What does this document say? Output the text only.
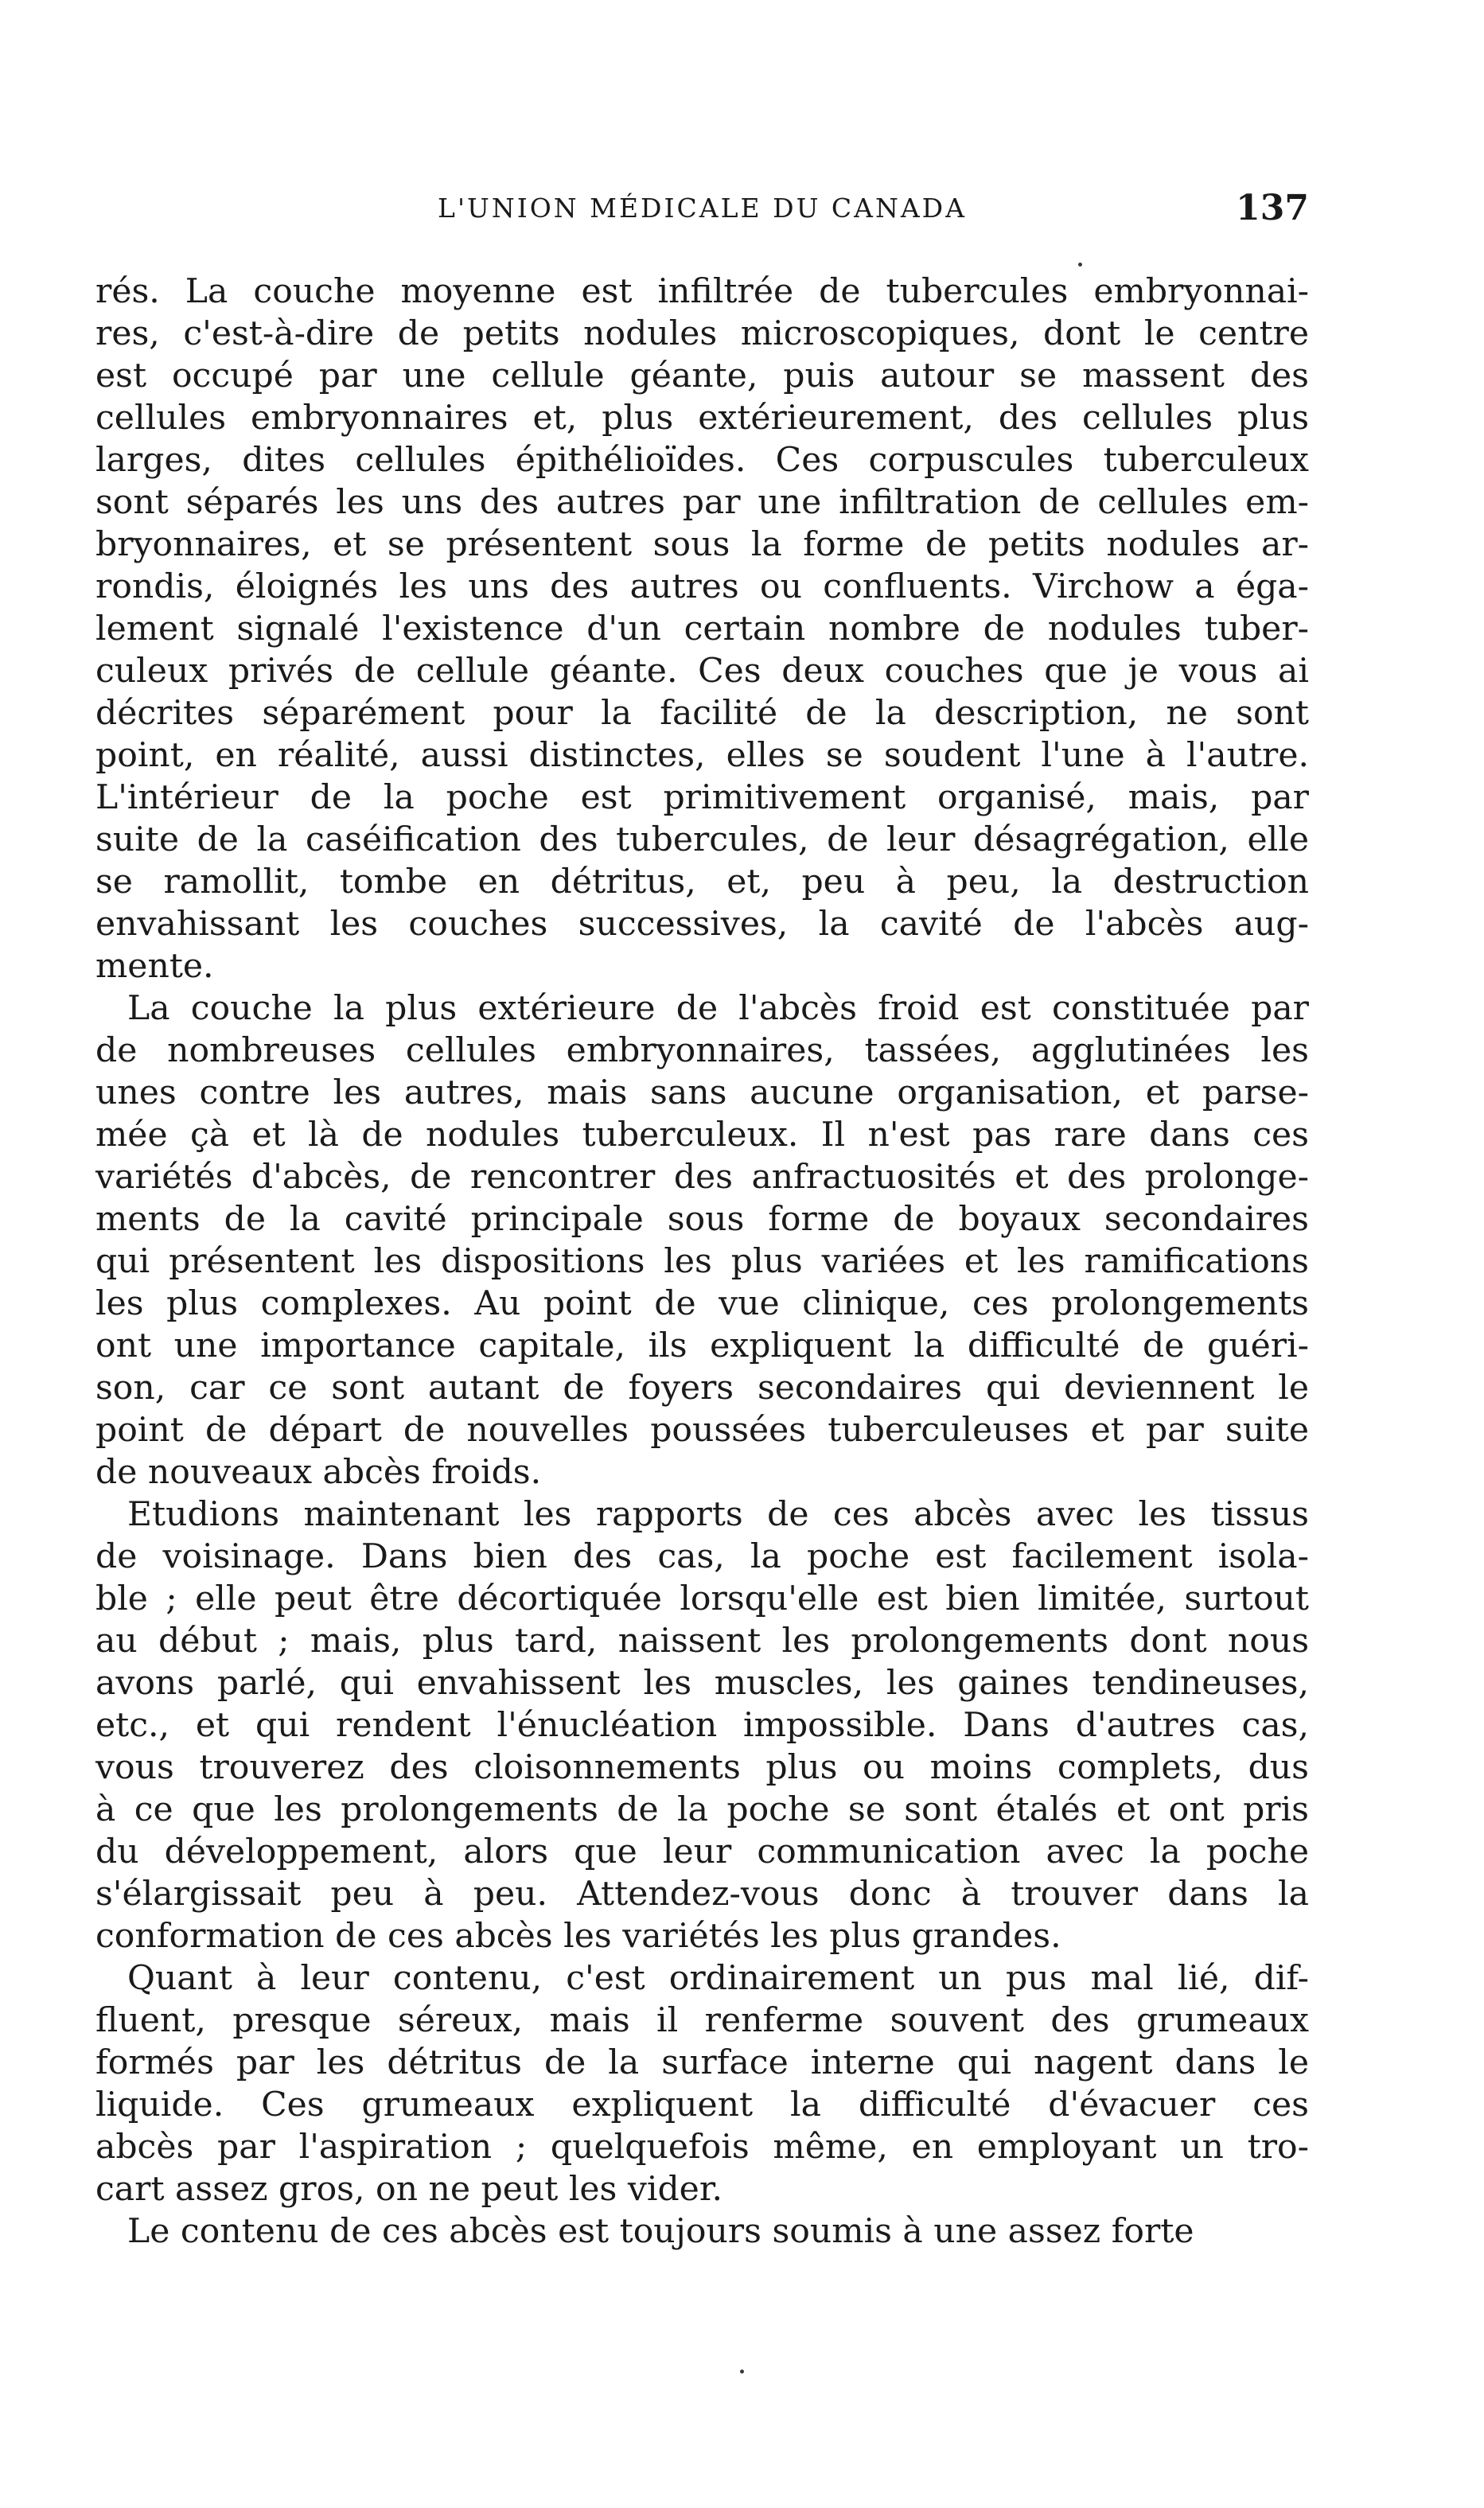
L'UNION MÉDICALE DU CANADA	137
rés. La couche moyenne est infiltrée de tubercules embryonnai-
res, c'est-à-dire de petits nodules microscopiques, dont le centre
est occupé par une cellule géante, puis autour se massent des
cellules embryonnaires et, plus extérieurement, des cellules plus
larges, dites cellules épithélioïdes. Ces corpuscules tuberculeux
sont séparés les uns des autres par une infiltration de cellules em-
bryonnaires, et se présentent sous la forme de petits nodules ar-
rondis, éloignés les uns des autres ou confluents. Virchow a éga-
lement signalé l'existence d'un certain nombre de nodules tuber-
culeux privés de cellule géante. Ces deux couches que je vous ai
décrites séparément pour la facilité de la description, ne sont
point, en réalité, aussi distinctes, elles se soudent l'une à l'autre.
L'intérieur de la poche est primitivement organisé, mais, par
suite de la caséification des tubercules, de leur désagrégation, elle
se ramollit, tombe en détritus, et, peu à peu, la destruction
envahissant les couches successives, la cavité de l'abcès aug-
mente.
La couche la plus extérieure de l'abcès froid est constituée par
de nombreuses cellules embryonnaires, tassées, agglutinées les
unes contre les autres, mais sans aucune organisation, et parse-
mée çà et là de nodules tuberculeux. Il n'est pas rare dans ces
variétés d'abcès, de rencontrer des anfractuosités et des prolonge-
ments de la cavité principale sous forme de boyaux secondaires
qui présentent les dispositions les plus variées et les ramifications
les plus complexes. Au point de vue clinique, ces prolongements
ont une importance capitale, ils expliquent la difficulté de guéri-
son, car ce sont autant de foyers secondaires qui deviennent le
point de départ de nouvelles poussées tuberculeuses et par suite
de nouveaux abcès froids.
Etudions maintenant les rapports de ces abcès avec les tissus
de voisinage. Dans bien des cas, la poche est facilement isola-
ble ; elle peut être décortiquée lorsqu'elle est bien limitée, surtout
au début ; mais, plus tard, naissent les prolongements dont nous
avons parlé, qui envahissent les muscles, les gaines tendineuses,
etc., et qui rendent l'énucléation impossible. Dans d'autres cas,
vous trouverez des cloisonnements plus ou moins complets, dus
à ce que les prolongements de la poche se sont étalés et ont pris
du développement, alors que leur communication avec la poche
s'élargissait peu à peu. Attendez-vous donc à trouver dans la
conformation de ces abcès les variétés les plus grandes.
Quant à leur contenu, c'est ordinairement un pus mal lié, dif-
fluent, presque séreux, mais il renferme souvent des grumeaux
formés par les détritus de la surface interne qui nagent dans le
liquide. Ces grumeaux expliquent la difficulté d'évacuer ces
abcès par l'aspiration ; quelquefois même, en employant un tro-
cart assez gros, on ne peut les vider.
Le contenu de ces abcès est toujours soumis à une assez forte
